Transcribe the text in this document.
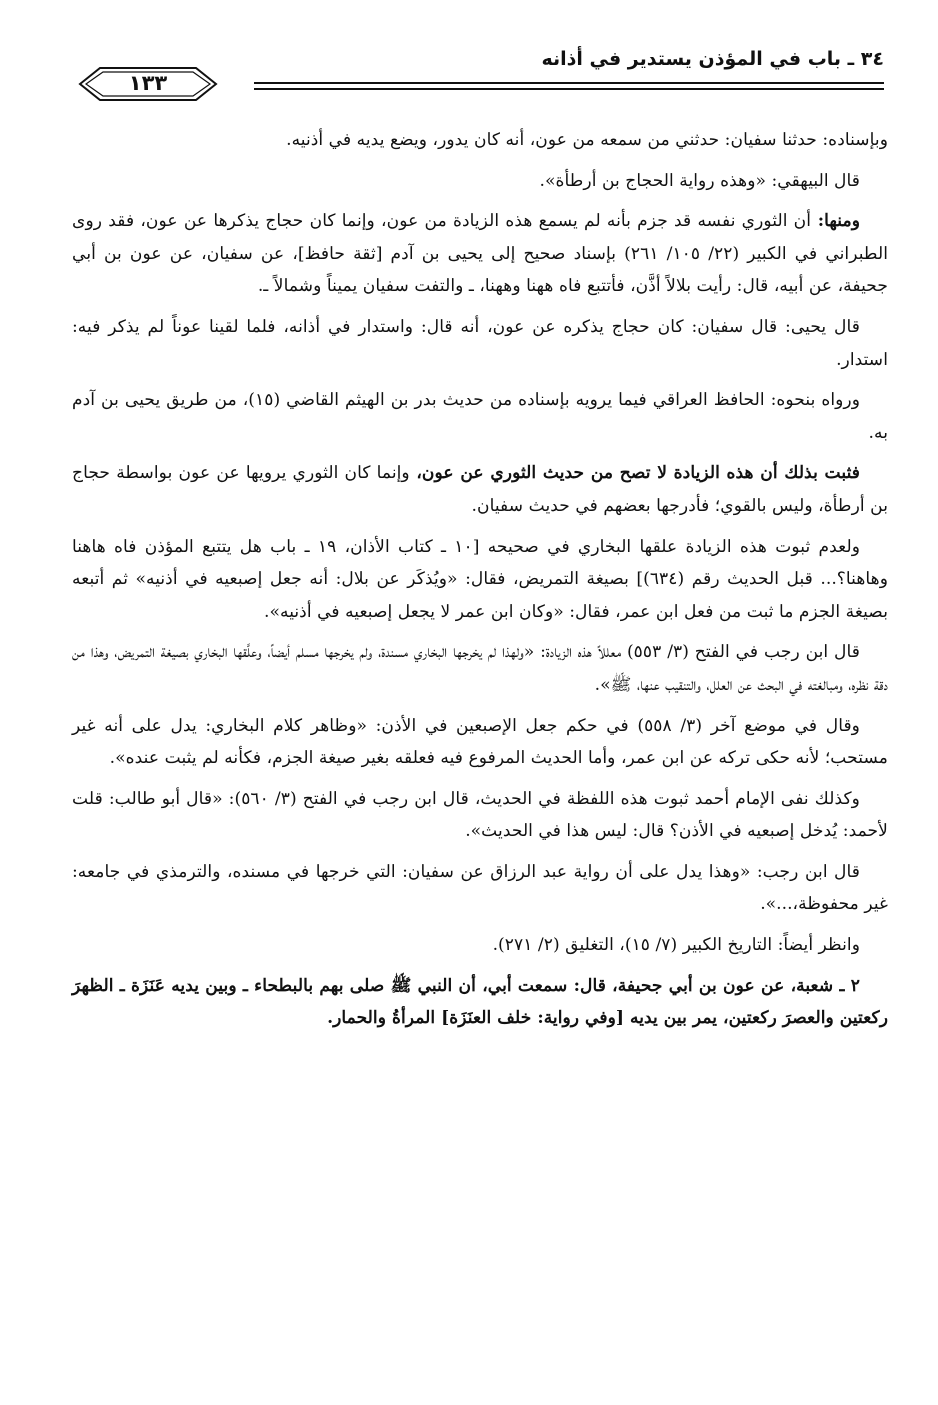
٣٤ ـ باب في المؤذن يستدير في أذانه
١٣٣

وبإسناده: حدثنا سفيان: حدثني من سمعه من عون، أنه كان يدور، ويضع يديه في أذنيه.

قال البيهقي: «وهذه رواية الحجاج بن أرطأة».

ومنها: أن الثوري نفسه قد جزم بأنه لم يسمع هذه الزيادة من عون، وإنما كان حجاج يذكرها عن عون، فقد روى الطبراني في الكبير (٢٢/ ١٠٥/ ٢٦١) بإسناد صحيح إلى يحيى بن آدم [ثقة حافظ]، عن سفيان، عن عون بن أبي جحيفة، عن أبيه، قال: رأيت بلالاً أذَّن، فأتتبع فاه ههنا وههنا، ـ والتفت سفيان يميناً وشمالاً ـ.

قال يحيى: قال سفيان: كان حجاج يذكره عن عون، أنه قال: واستدار في أذانه، فلما لقينا عوناً لم يذكر فيه: استدار.

ورواه بنحوه: الحافظ العراقي فيما يرويه بإسناده من حديث بدر بن الهيثم القاضي (١٥)، من طريق يحيى بن آدم به.

فثبت بذلك أن هذه الزيادة لا تصح من حديث الثوري عن عون، وإنما كان الثوري يرويها عن عون بواسطة حجاج بن أرطأة، وليس بالقوي؛ فأدرجها بعضهم في حديث سفيان.

ولعدم ثبوت هذه الزيادة علقها البخاري في صحيحه [١٠ ـ كتاب الأذان، ١٩ ـ باب هل يتتبع المؤذن فاه هاهنا وهاهنا؟... قبل الحديث رقم (٦٣٤)] بصيغة التمريض، فقال: «ويُذكَر عن بلال: أنه جعل إصبعيه في أذنيه» ثم أتبعه بصيغة الجزم ما ثبت من فعل ابن عمر، فقال: «وكان ابن عمر لا يجعل إصبعيه في أذنيه».

قال ابن رجب في الفتح (٣/ ٥٥٣) معللاً هذه الزيادة: «ولهذا لم يخرجها البخاري مسندة، ولم يخرجها مسلم أيضاً، وعلَّقها البخاري بصيغة التمريض، وهذا من دقة نظره، ومبالغته في البحث عن العلل، والتنقيب عنها، ﷺ».

وقال في موضع آخر (٣/ ٥٥٨) في حكم جعل الإصبعين في الأذن: «وظاهر كلام البخاري: يدل على أنه غير مستحب؛ لأنه حكى تركه عن ابن عمر، وأما الحديث المرفوع فيه فعلقه بغير صيغة الجزم، فكأنه لم يثبت عنده».

وكذلك نفى الإمام أحمد ثبوت هذه اللفظة في الحديث، قال ابن رجب في الفتح (٣/ ٥٦٠): «قال أبو طالب: قلت لأحمد: يُدخل إصبعيه في الأذن؟ قال: ليس هذا في الحديث».

قال ابن رجب: «وهذا يدل على أن رواية عبد الرزاق عن سفيان: التي خرجها في مسنده، والترمذي في جامعه: غير محفوظة،...».

وانظر أيضاً: التاريخ الكبير (٧/ ١٥)، التغليق (٢/ ٢٧١).

٢ ـ شعبة، عن عون بن أبي جحيفة، قال: سمعت أبي، أن النبي ﷺ صلى بهم بالبطحاء ـ وبين يديه عَنَزَة ـ الظهرَ ركعتين والعصرَ ركعتين، يمر بين يديه [وفي رواية: خلف العنَزَة] المرأةُ والحمار.
